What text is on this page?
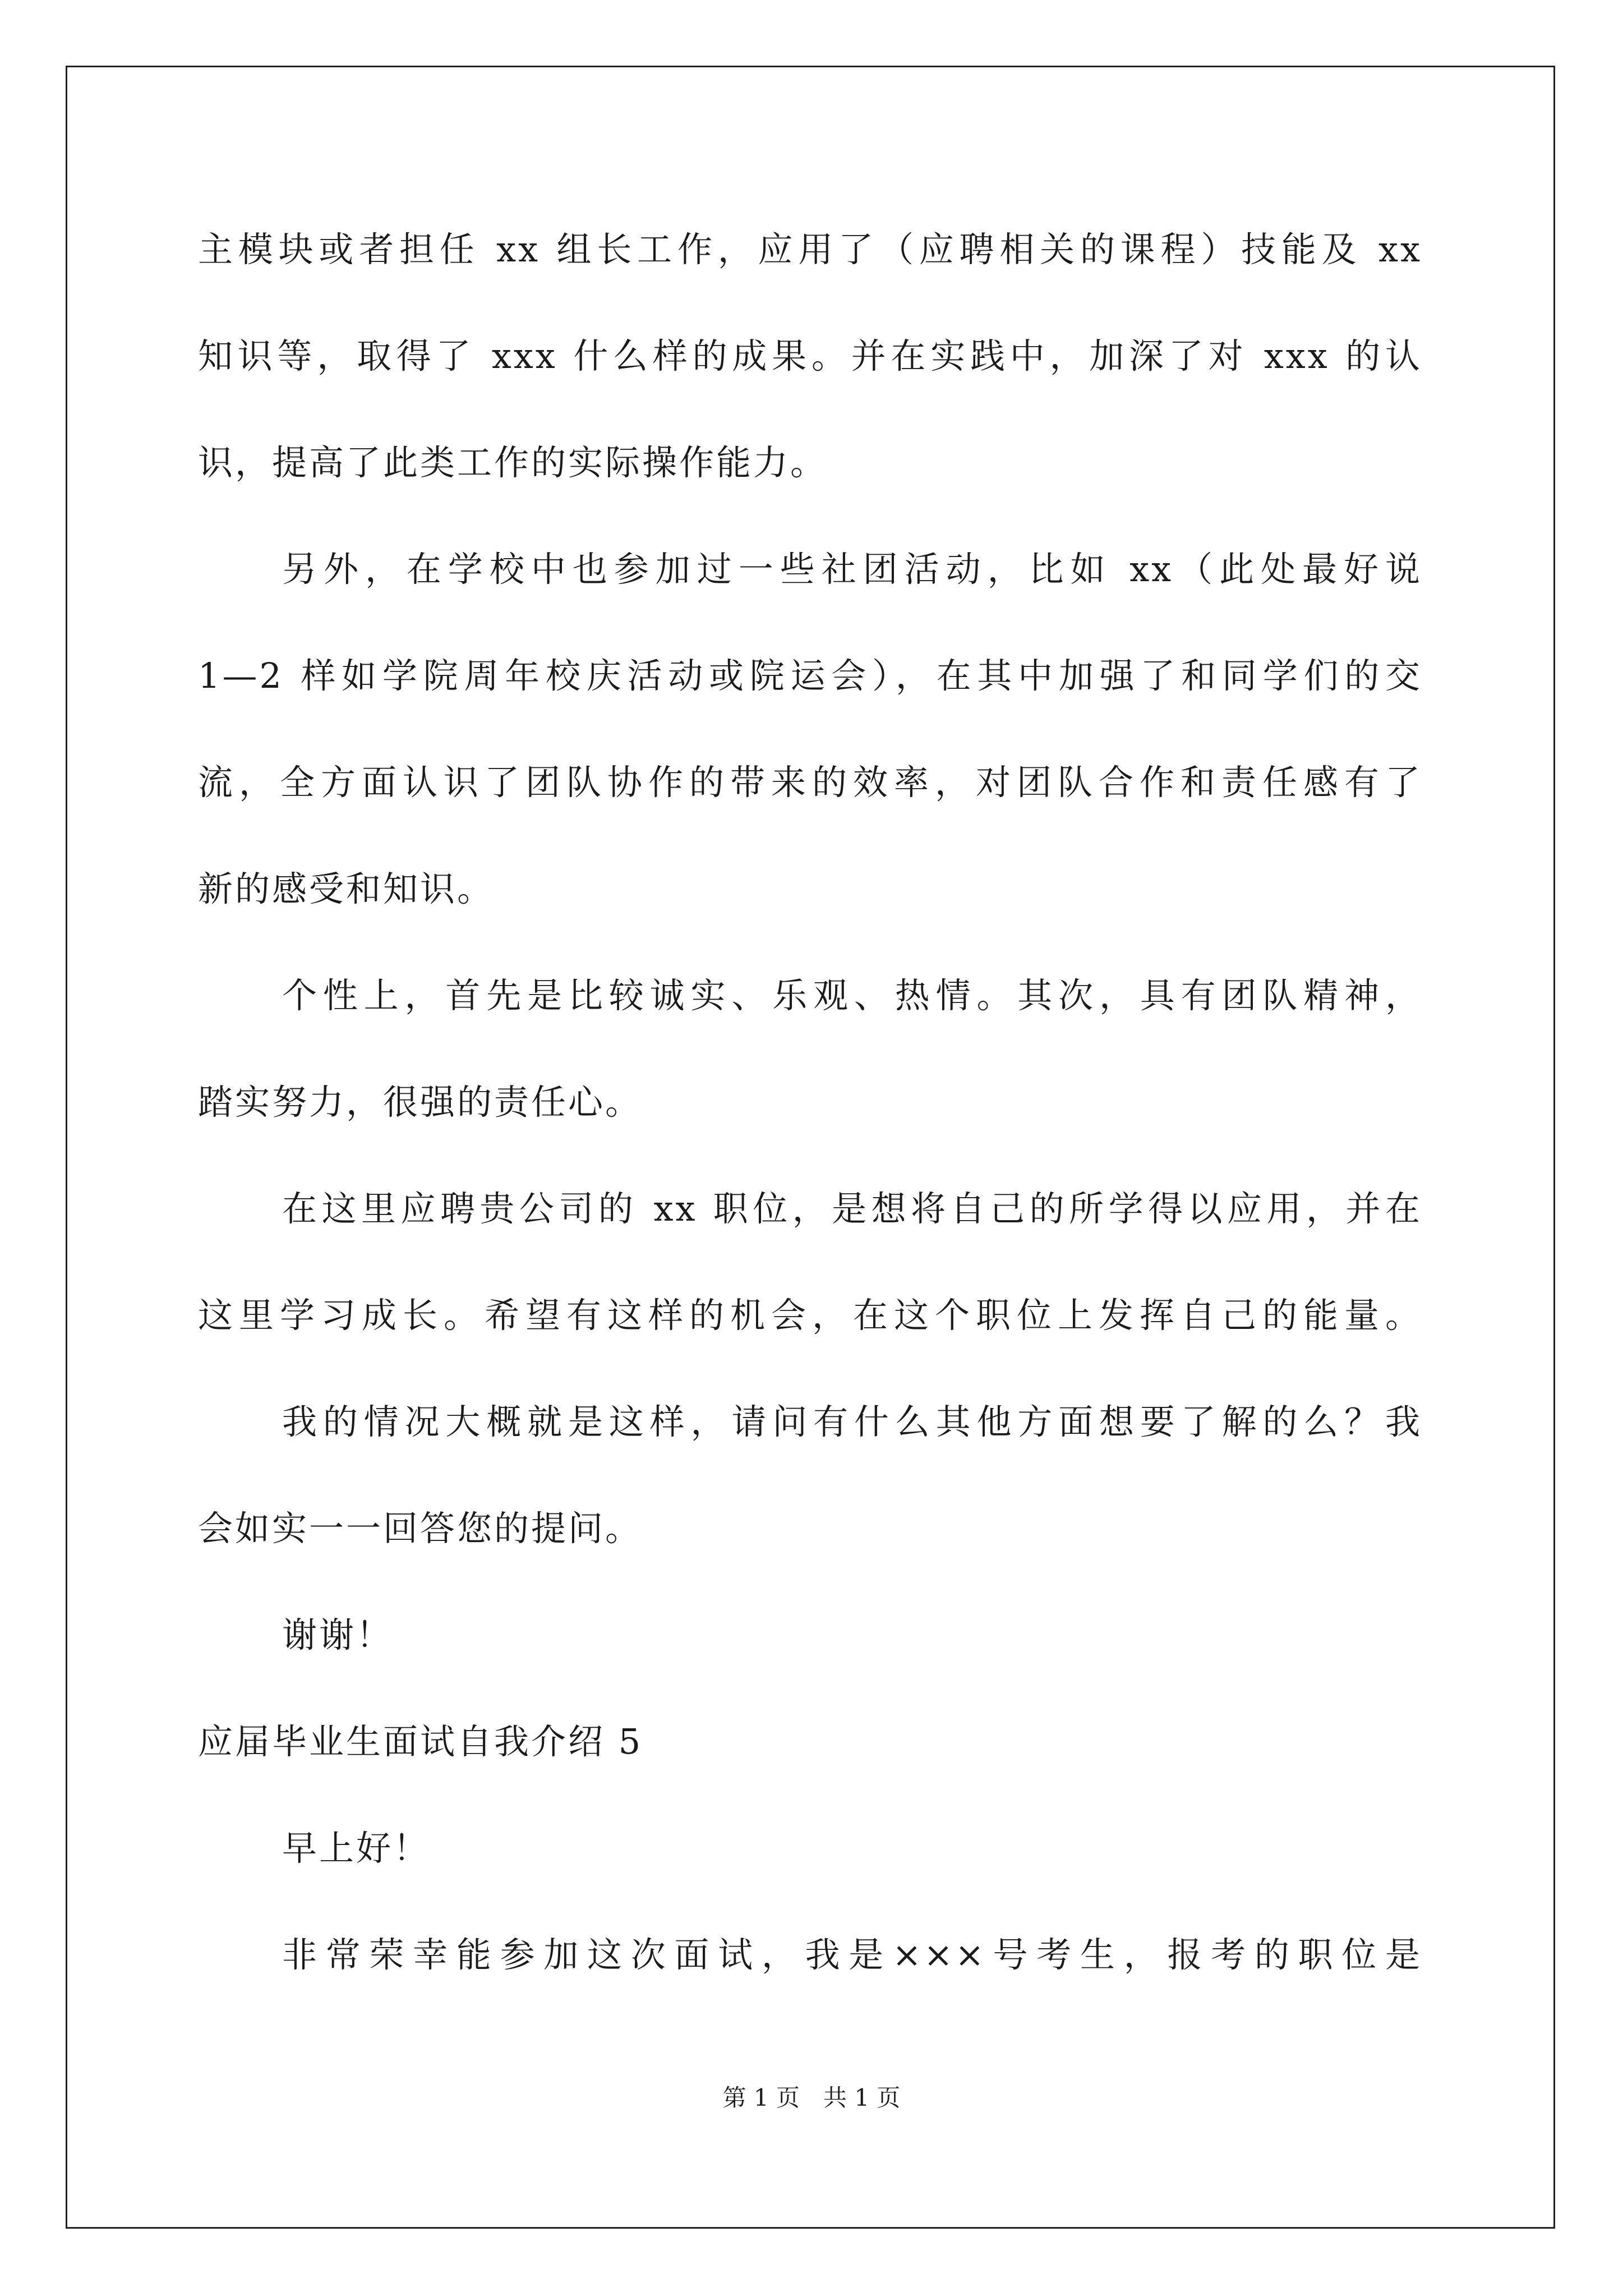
主模块或者担任 xx 组长工作，应用了（应聘相关的课程）技能及 xx
知识等，取得了 xxx 什么样的成果。并在实践中，加深了对 xxx 的认
识，提高了此类工作的实际操作能力。
另外，在学校中也参加过一些社团活动，比如 xx（此处最好说
1—2 样如学院周年校庆活动或院运会），在其中加强了和同学们的交
流，全方面认识了团队协作的带来的效率，对团队合作和责任感有了
新的感受和知识。
个性上，首先是比较诚实、乐观、热情。其次，具有团队精神，
踏实努力，很强的责任心。
在这里应聘贵公司的 xx 职位，是想将自己的所学得以应用，并在
这里学习成长。希望有这样的机会，在这个职位上发挥自己的能量。
我的情况大概就是这样，请问有什么其他方面想要了解的么？我
会如实一一回答您的提问。
谢谢！
应届毕业生面试自我介绍 5
早上好！
非常荣幸能参加这次面试，我是×××号考生，报考的职位是
第 1 页　共 1 页
